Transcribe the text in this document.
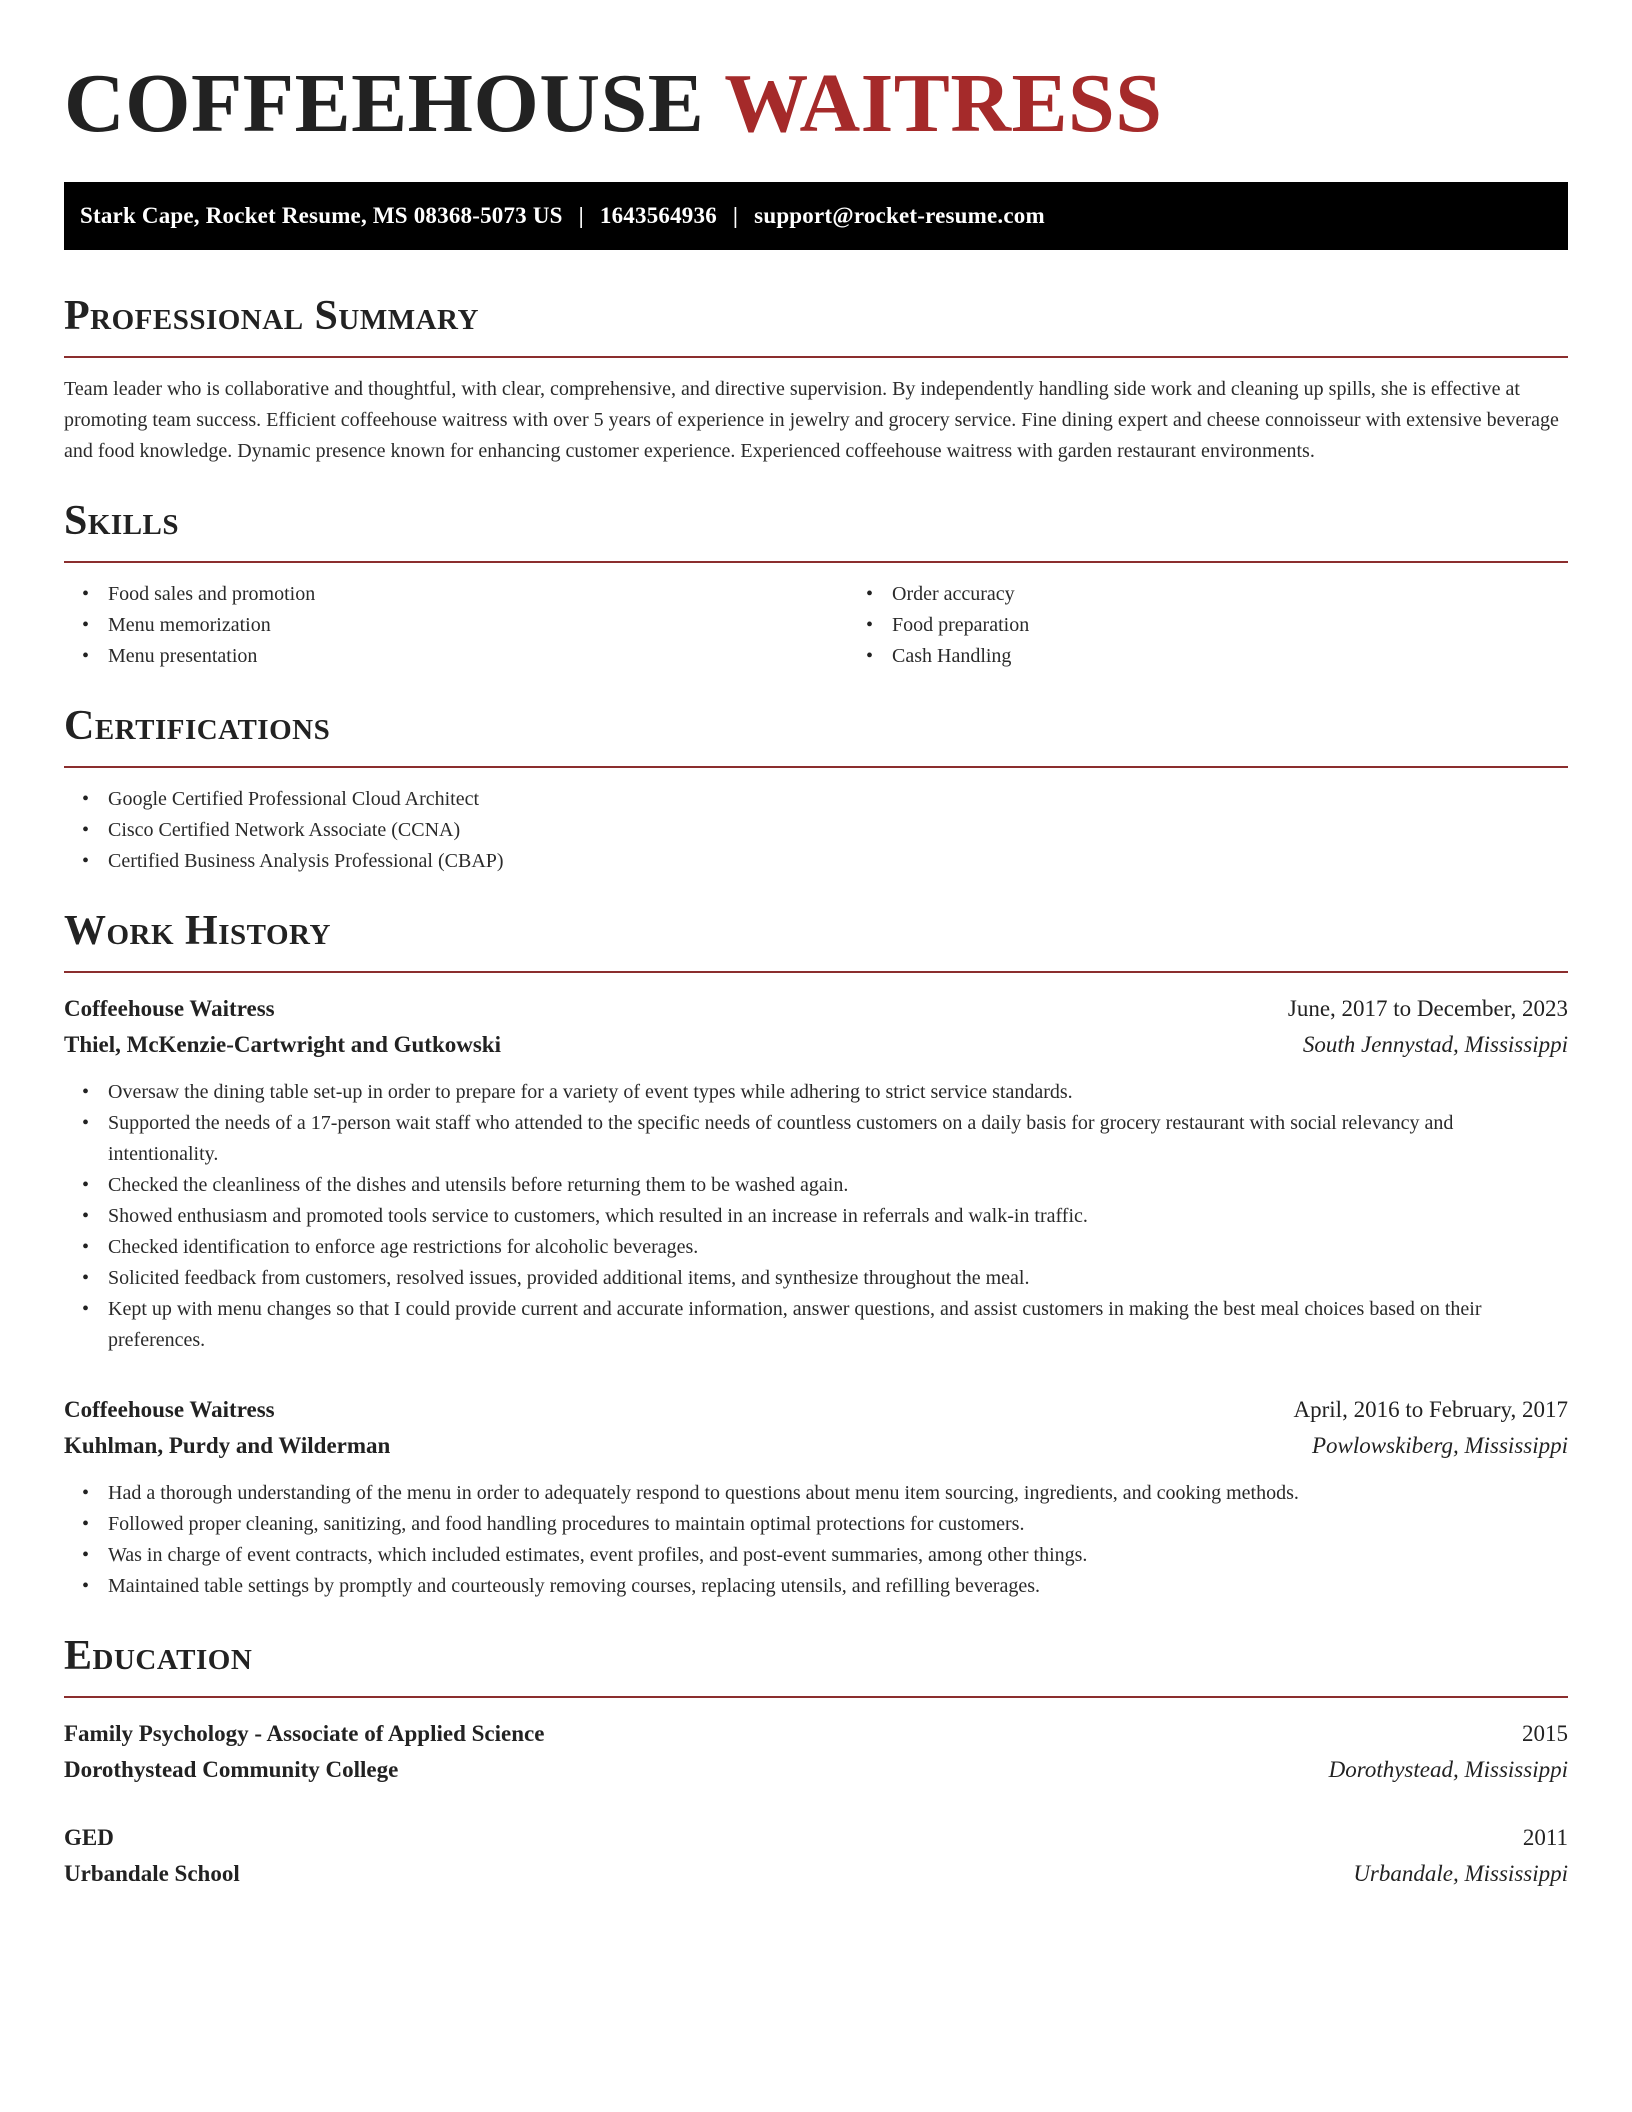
COFFEEHOUSE WAITRESS
Stark Cape, Rocket Resume, MS 08368-5073 US | 1643564936 | support@rocket-resume.com
Professional Summary

Team leader who is collaborative and thoughtful, with clear, comprehensive, and directive supervision. By independently handling side work and cleaning up spills, she is effective at promoting team success. Efficient coffeehouse waitress with over 5 years of experience in jewelry and grocery service. Fine dining expert and cheese connoisseur with extensive beverage and food knowledge. Dynamic presence known for enhancing customer experience. Experienced coffeehouse waitress with garden restaurant environments.

Skills
• Food sales and promotion
• Menu memorization
• Menu presentation
• Order accuracy
• Food preparation
• Cash Handling
Certifications
• Google Certified Professional Cloud Architect
• Cisco Certified Network Associate (CCNA)
• Certified Business Analysis Professional (CBAP)
Work History
Coffeehouse Waitress	June, 2017 to December, 2023
Thiel, McKenzie-Cartwright and Gutkowski	South Jennystad, Mississippi
• Oversaw the dining table set-up in order to prepare for a variety of event types while adhering to strict service standards.
• Supported the needs of a 17-person wait staff who attended to the specific needs of countless customers on a daily basis for grocery restaurant with social relevancy and intentionality.
• Checked the cleanliness of the dishes and utensils before returning them to be washed again.
• Showed enthusiasm and promoted tools service to customers, which resulted in an increase in referrals and walk-in traffic.
• Checked identification to enforce age restrictions for alcoholic beverages.
• Solicited feedback from customers, resolved issues, provided additional items, and synthesize throughout the meal.
• Kept up with menu changes so that I could provide current and accurate information, answer questions, and assist customers in making the best meal choices based on their preferences.
Coffeehouse Waitress	April, 2016 to February, 2017
Kuhlman, Purdy and Wilderman	Powlowskiberg, Mississippi
• Had a thorough understanding of the menu in order to adequately respond to questions about menu item sourcing, ingredients, and cooking methods.
• Followed proper cleaning, sanitizing, and food handling procedures to maintain optimal protections for customers.
• Was in charge of event contracts, which included estimates, event profiles, and post-event summaries, among other things.
• Maintained table settings by promptly and courteously removing courses, replacing utensils, and refilling beverages.
Education
Family Psychology - Associate of Applied Science	2015
Dorothystead Community College	Dorothystead, Mississippi
GED	2011
Urbandale School	Urbandale, Mississippi
